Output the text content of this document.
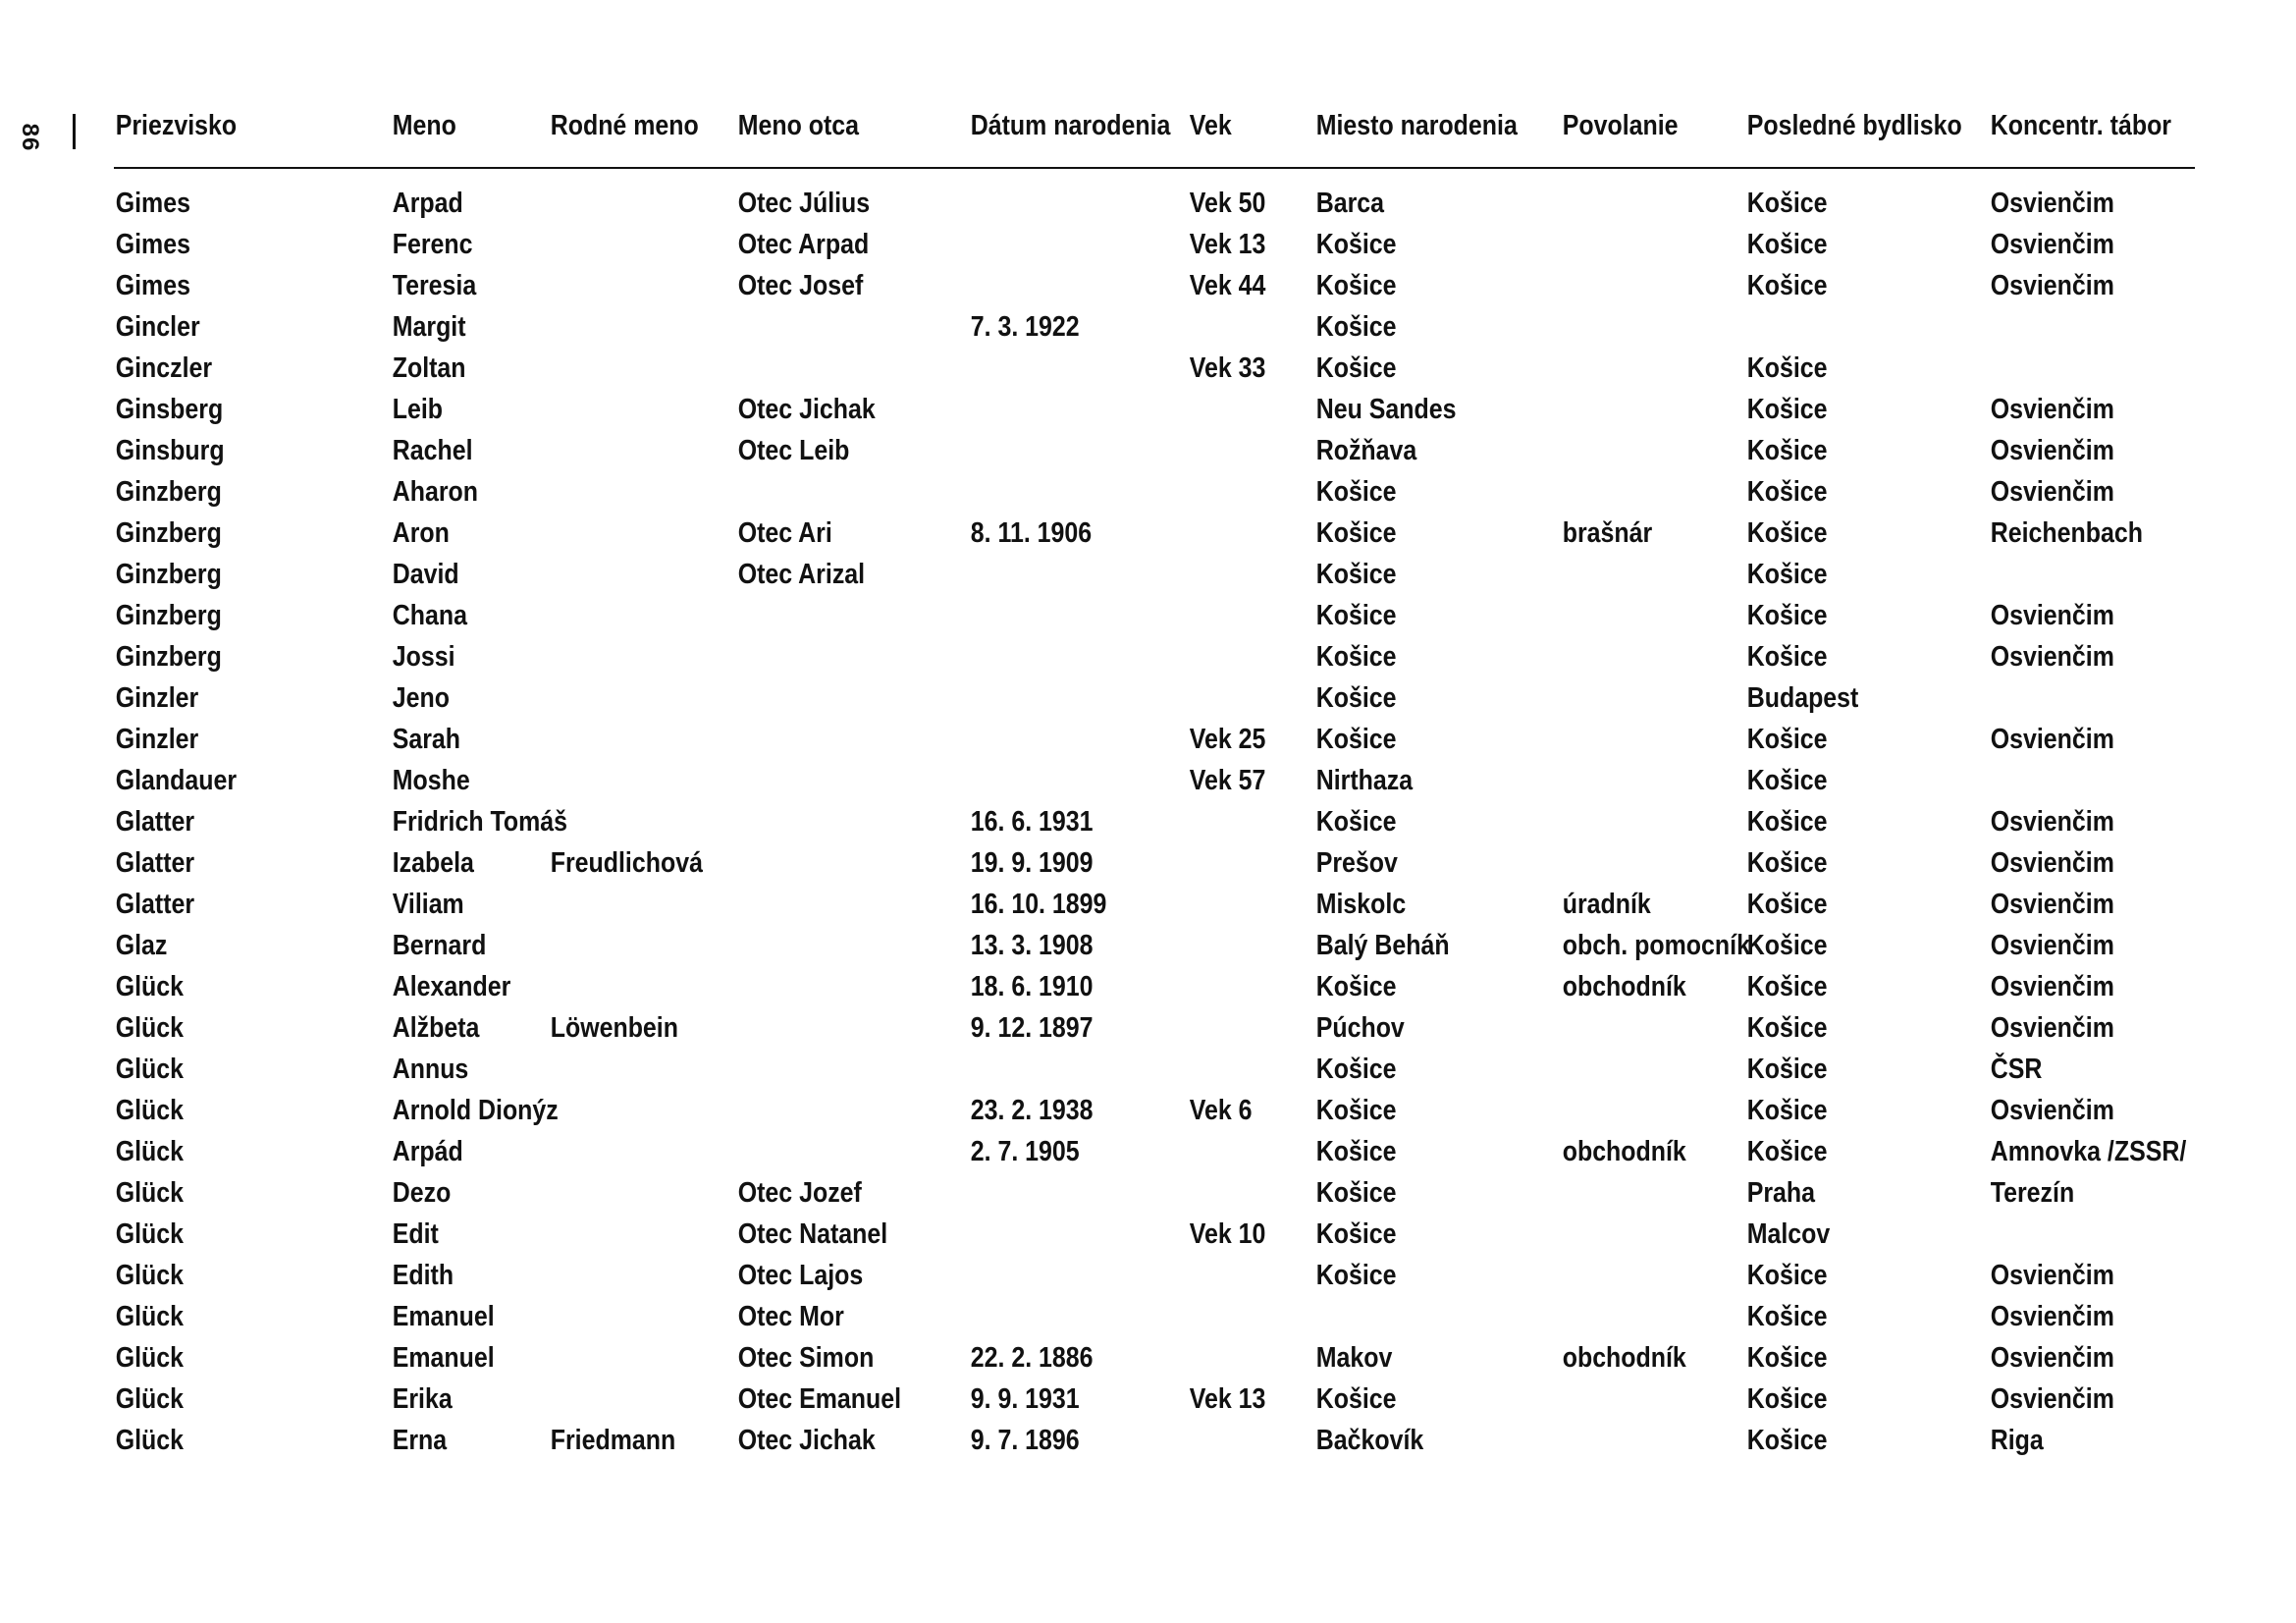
86	Priezvisko	Meno	Rodné meno	Meno otca	Dátum narodenia	Vek	Miesto narodenia	Povolanie	Posledné bydlisko	Koncentr. tábor
Gimes	Arpad		Otec Július		Vek 50	Barca		Košice	Osvienčim
Gimes	Ferenc		Otec Arpad		Vek 13	Košice		Košice	Osvienčim
Gimes	Teresia		Otec Josef		Vek 44	Košice		Košice	Osvienčim
Gincler	Margit			7. 3. 1922		Košice			
Ginczler	Zoltan				Vek 33	Košice		Košice	
Ginsberg	Leib		Otec Jichak			Neu Sandes		Košice	Osvienčim
Ginsburg	Rachel		Otec Leib			Rožňava		Košice	Osvienčim
Ginzberg	Aharon					Košice		Košice	Osvienčim
Ginzberg	Aron		Otec Ari	8. 11. 1906		Košice	brašnár	Košice	Reichenbach
Ginzberg	David		Otec Arizal			Košice		Košice	
Ginzberg	Chana					Košice		Košice	Osvienčim
Ginzberg	Jossi					Košice		Košice	Osvienčim
Ginzler	Jeno					Košice		Budapest	
Ginzler	Sarah				Vek 25	Košice		Košice	Osvienčim
Glandauer	Moshe				Vek 57	Nirthaza		Košice	
Glatter	Fridrich Tomáš			16. 6. 1931		Košice		Košice	Osvienčim
Glatter	Izabela	Freudlichová		19. 9. 1909		Prešov		Košice	Osvienčim
Glatter	Viliam			16. 10. 1899		Miskolc	úradník	Košice	Osvienčim
Glaz	Bernard			13. 3. 1908		Balý Beháň	obch. pomocník	Košice	Osvienčim
Glück	Alexander			18. 6. 1910		Košice	obchodník	Košice	Osvienčim
Glück	Alžbeta	Löwenbein		9. 12. 1897		Púchov		Košice	Osvienčim
Glück	Annus					Košice		Košice	ČSR
Glück	Arnold Dionýz			23. 2. 1938	Vek 6	Košice		Košice	Osvienčim
Glück	Arpád			2. 7. 1905		Košice	obchodník	Košice	Amnovka /ZSSR/
Glück	Dezo		Otec Jozef			Košice		Praha	Terezín
Glück	Edit		Otec Natanel		Vek 10	Košice		Malcov	
Glück	Edith		Otec Lajos			Košice		Košice	Osvienčim
Glück	Emanuel		Otec Mor					Košice	Osvienčim
Glück	Emanuel		Otec Simon	22. 2. 1886		Makov	obchodník	Košice	Osvienčim
Glück	Erika		Otec Emanuel	9. 9. 1931	Vek 13	Košice		Košice	Osvienčim
Glück	Erna	Friedmann	Otec Jichak	9. 7. 1896		Bačkovík		Košice	Riga
